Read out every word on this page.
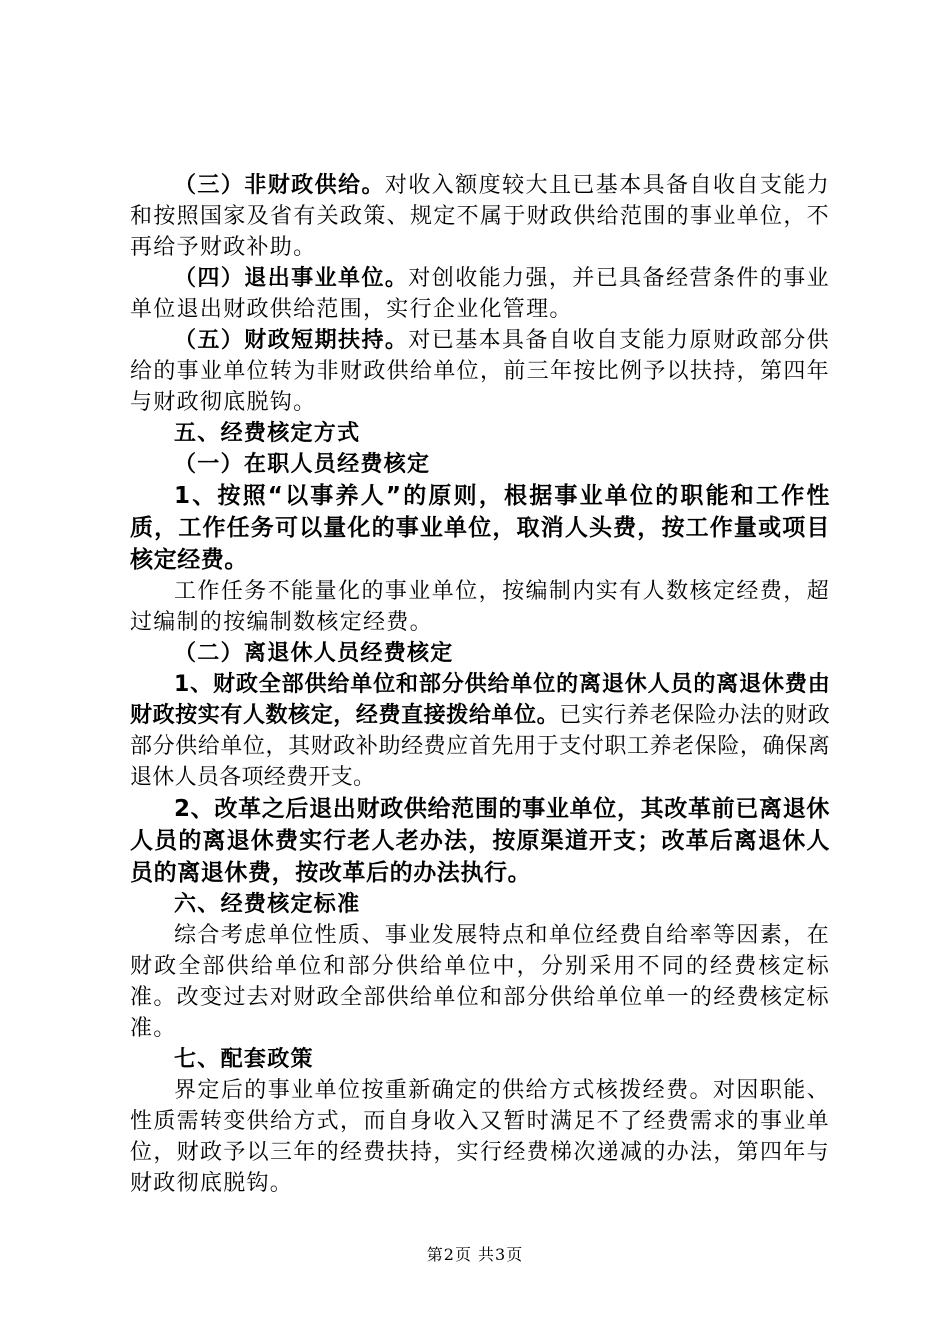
（三）非财政供给。对收入额度较大且已基本具备自收自支能力和按照国家及省有关政策、规定不属于财政供给范围的事业单位，不再给予财政补助。

（四）退出事业单位。对创收能力强，并已具备经营条件的事业单位退出财政供给范围，实行企业化管理。

（五）财政短期扶持。对已基本具备自收自支能力原财政部分供给的事业单位转为非财政供给单位，前三年按比例予以扶持，第四年与财政彻底脱钩。

五、经费核定方式

（一）在职人员经费核定

1、按照“以事养人”的原则，根据事业单位的职能和工作性质，工作任务可以量化的事业单位，取消人头费，按工作量或项目核定经费。

工作任务不能量化的事业单位，按编制内实有人数核定经费，超过编制的按编制数核定经费。

（二）离退休人员经费核定

1、财政全部供给单位和部分供给单位的离退休人员的离退休费由财政按实有人数核定，经费直接拨给单位。已实行养老保险办法的财政部分供给单位，其财政补助经费应首先用于支付职工养老保险，确保离退休人员各项经费开支。

2、改革之后退出财政供给范围的事业单位，其改革前已离退休人员的离退休费实行老人老办法，按原渠道开支；改革后离退休人员的离退休费，按改革后的办法执行。

六、经费核定标准

综合考虑单位性质、事业发展特点和单位经费自给率等因素，在财政全部供给单位和部分供给单位中，分别采用不同的经费核定标准。改变过去对财政全部供给单位和部分供给单位单一的经费核定标准。

七、配套政策

界定后的事业单位按重新确定的供给方式核拨经费。对因职能、性质需转变供给方式，而自身收入又暂时满足不了经费需求的事业单位，财政予以三年的经费扶持，实行经费梯次递减的办法，第四年与财政彻底脱钩。

第2页 共3页
